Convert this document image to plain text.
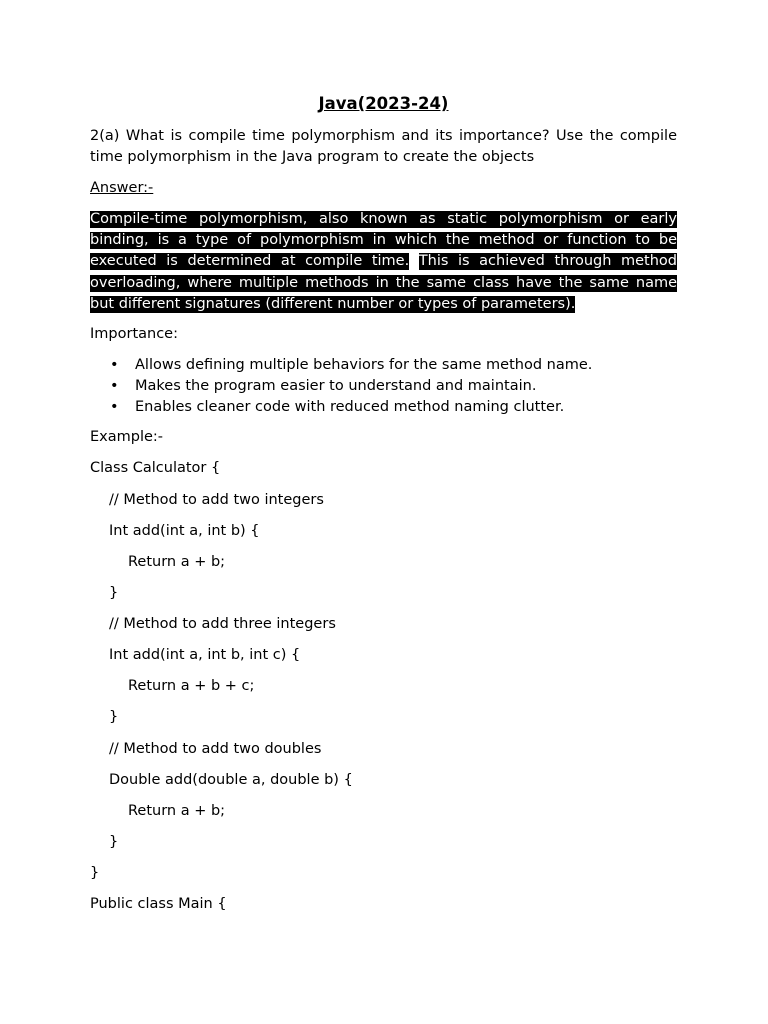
Java(2023-24)
2(a) What is compile time polymorphism and its importance? Use the compile time polymorphism in the Java program to create the objects
Answer:-
Compile-time polymorphism, also known as static polymorphism or early binding, is a type of polymorphism in which the method or function to be executed is determined at compile time. This is achieved through method overloading, where multiple methods in the same class have the same name but different signatures (different number or types of parameters).
Importance:
• Allows defining multiple behaviors for the same method name.
• Makes the program easier to understand and maintain.
• Enables cleaner code with reduced method naming clutter.
Example:-
Class Calculator {
// Method to add two integers
Int add(int a, int b) {
Return a + b;
}
// Method to add three integers
Int add(int a, int b, int c) {
Return a + b + c;
}
// Method to add two doubles
Double add(double a, double b) {
Return a + b;
}
}
Public class Main {
